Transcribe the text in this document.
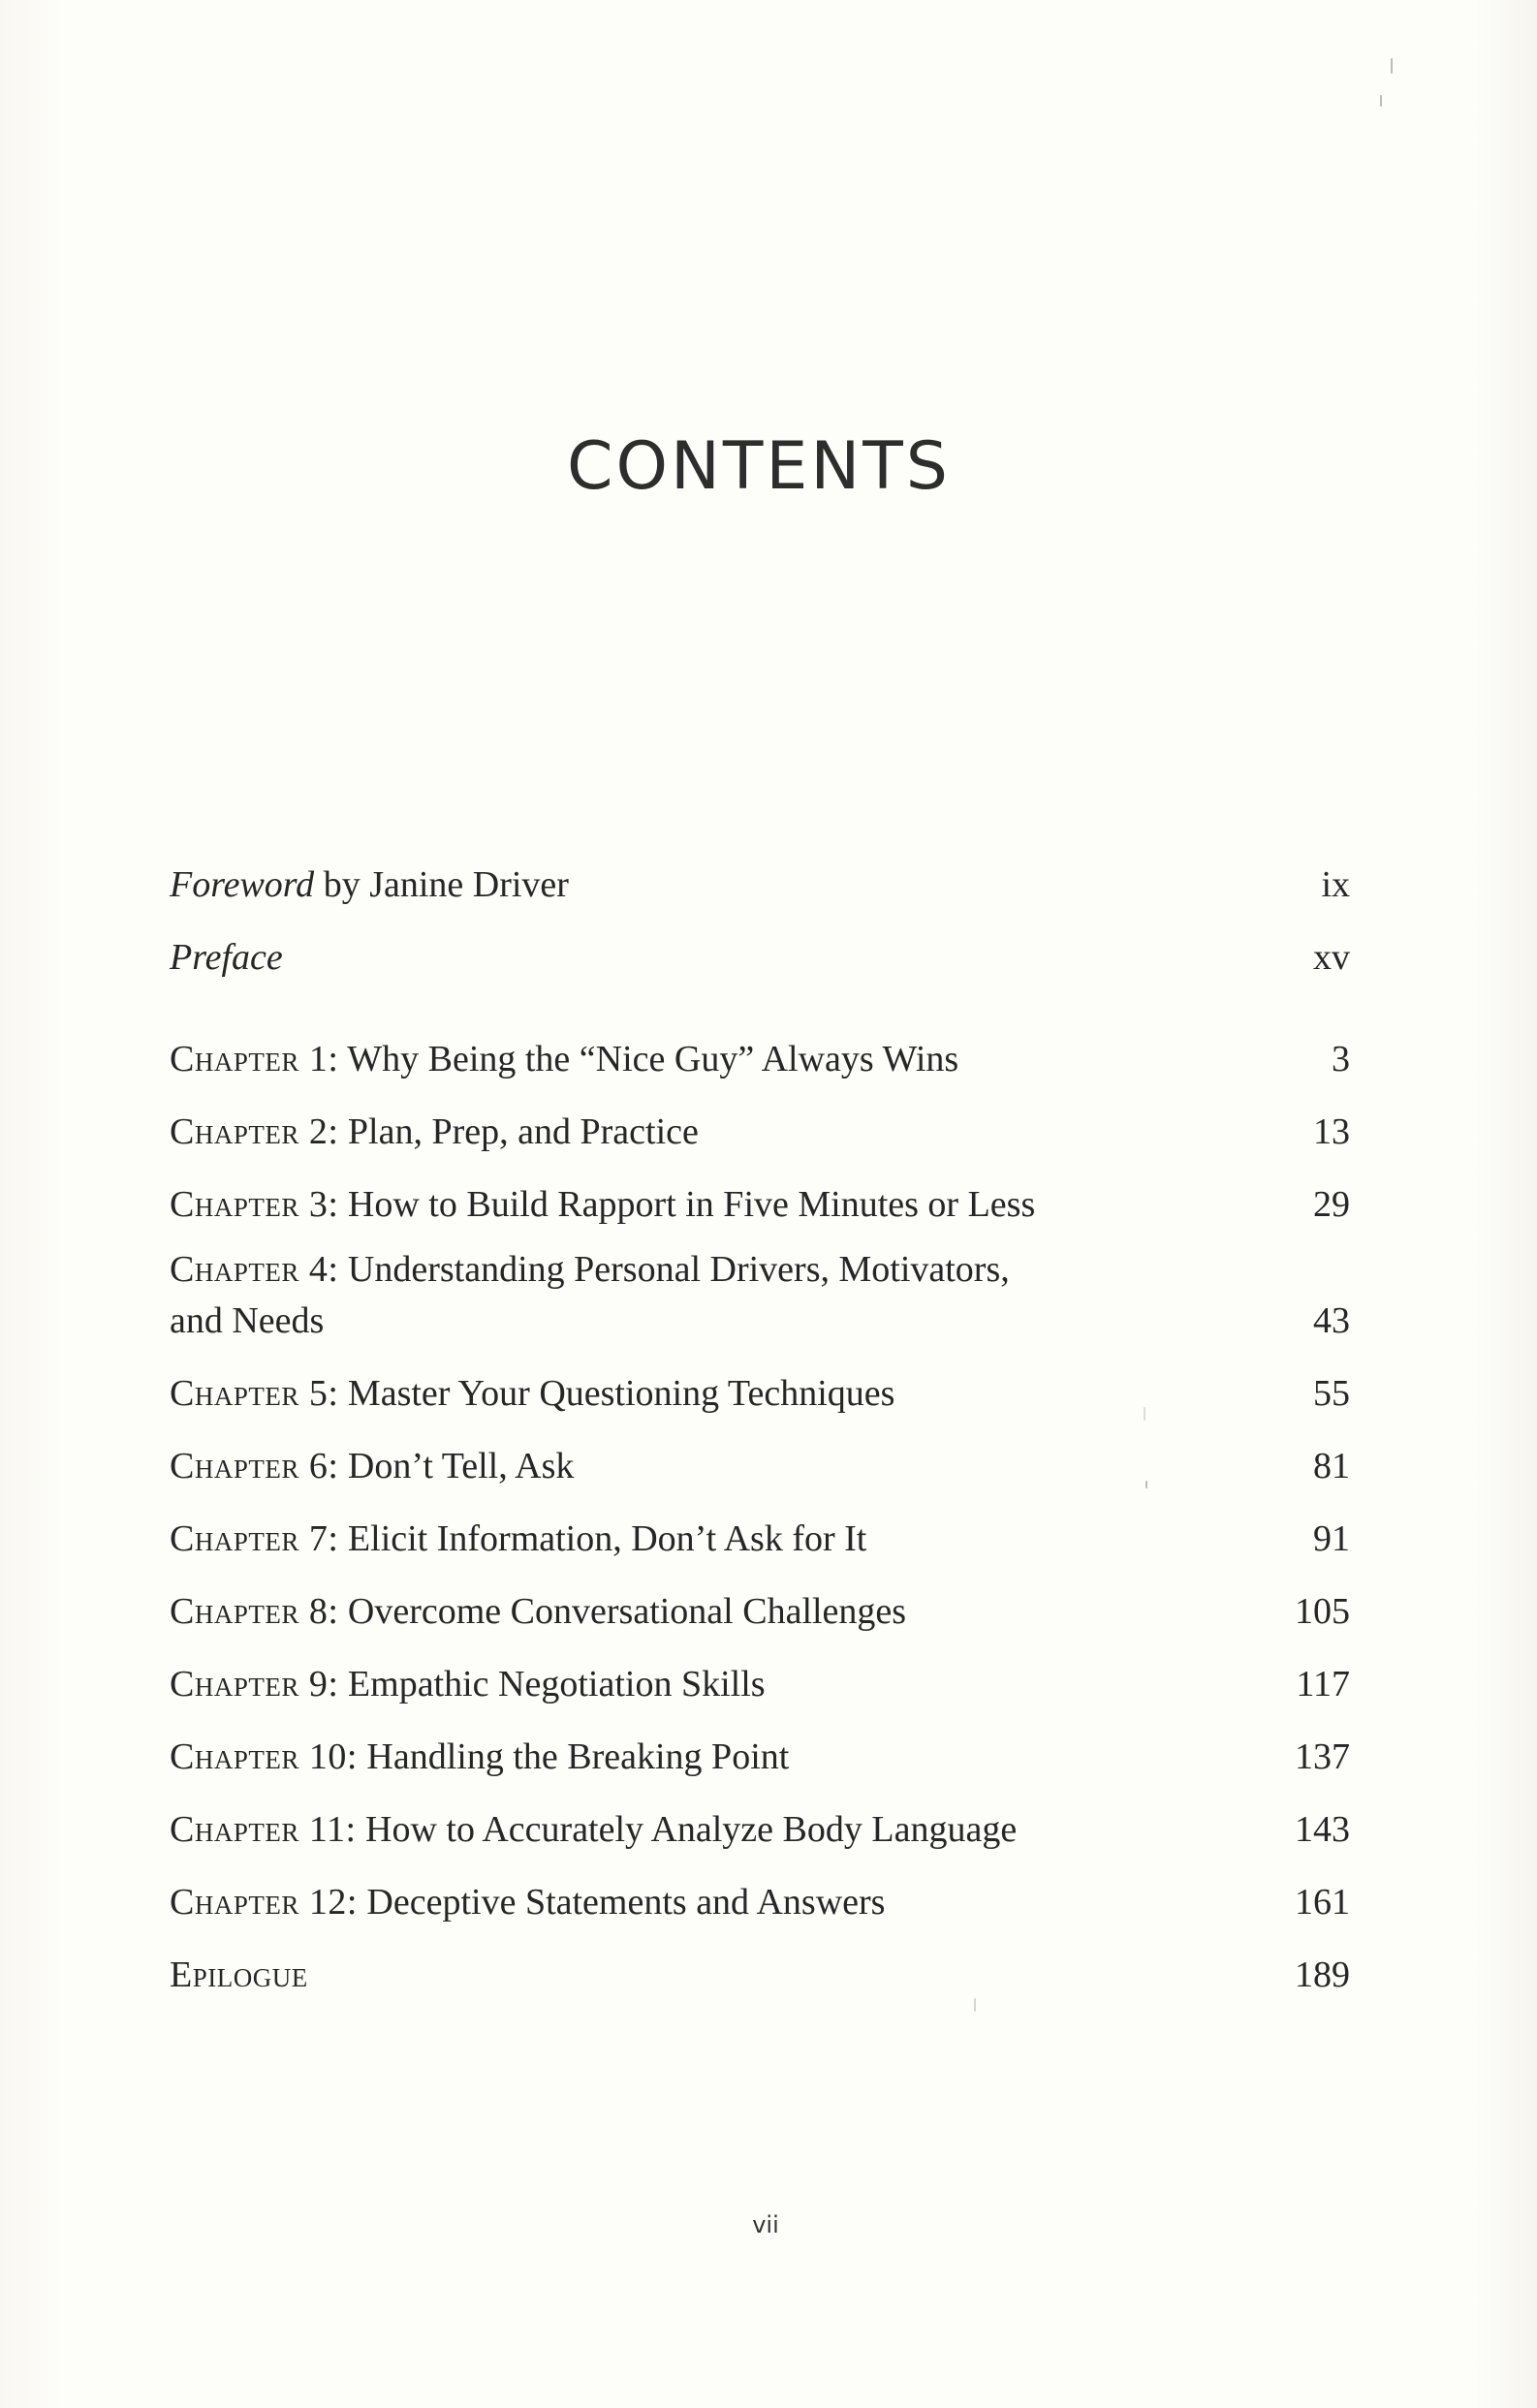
CONTENTS
Foreword by Janine Driver	ix
Preface	xv
Chapter 1: Why Being the “Nice Guy” Always Wins	3
Chapter 2: Plan, Prep, and Practice	13
Chapter 3: How to Build Rapport in Five Minutes or Less	29
Chapter 4: Understanding Personal Drivers, Motivators,
and Needs	43
Chapter 5: Master Your Questioning Techniques	55
Chapter 6: Don’t Tell, Ask	81
Chapter 7: Elicit Information, Don’t Ask for It	91
Chapter 8: Overcome Conversational Challenges	105
Chapter 9: Empathic Negotiation Skills	117
Chapter 10: Handling the Breaking Point	137
Chapter 11: How to Accurately Analyze Body Language	143
Chapter 12: Deceptive Statements and Answers	161
Epilogue	189
vii
